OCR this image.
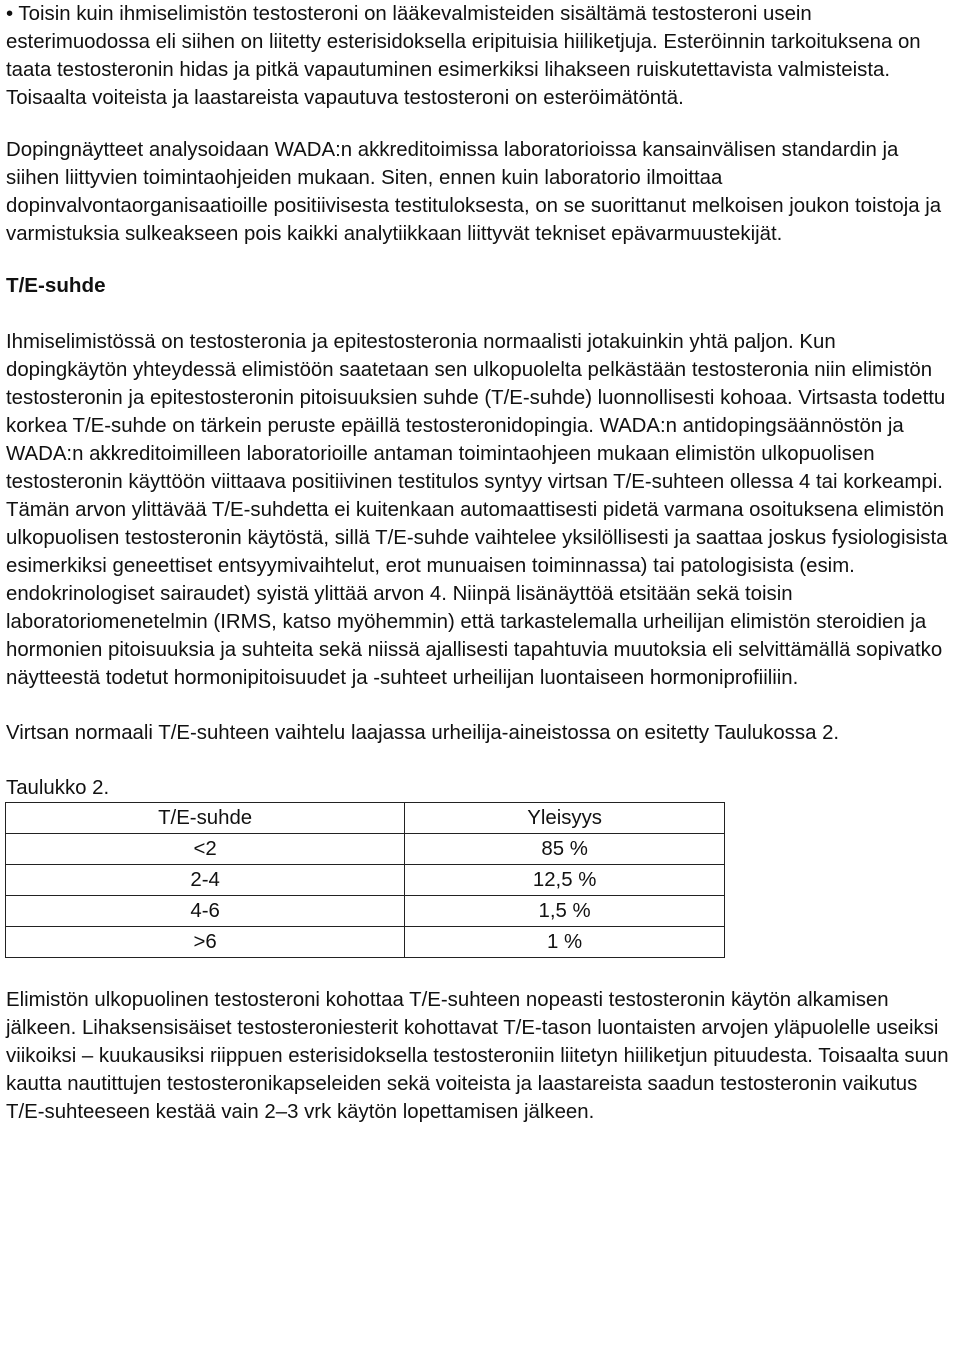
• Toisin kuin ihmiselimistön testosteroni on lääkevalmisteiden sisältämä testosteroni usein esterimuodossa eli siihen on liitetty esterisidoksella eripituisia hiiliketjuja. Esteröinnin tarkoituksena on taata testosteronin hidas ja pitkä vapautuminen esimerkiksi lihakseen ruiskutettavista valmisteista. Toisaalta voiteista ja laastareista vapautuva testosteroni on esteröimätöntä.

Dopingnäytteet analysoidaan WADA:n akkreditoimissa laboratorioissa kansainvälisen standardin ja siihen liittyvien toimintaohjeiden mukaan. Siten, ennen kuin laboratorio ilmoittaa dopinvalvontaorganisaatioille positiivisesta testituloksesta, on se suorittanut melkoisen joukon toistoja ja varmistuksia sulkeakseen pois kaikki analytiikkaan liittyvät tekniset epävarmuustekijät.

T/E-suhde

Ihmiselimistössä on testosteronia ja epitestosteronia normaalisti jotakuinkin yhtä paljon. Kun dopingkäytön yhteydessä elimistöön saatetaan sen ulkopuolelta pelkästään testosteronia niin elimistön testosteronin ja epitestosteronin pitoisuuksien suhde (T/E-suhde) luonnollisesti kohoaa. Virtsasta todettu korkea T/E-suhde on tärkein peruste epäillä testosteronidopingia. WADA:n antidopingsäännöstön ja WADA:n akkreditoimilleen laboratorioille antaman toimintaohjeen mukaan elimistön ulkopuolisen testosteronin käyttöön viittaava positiivinen testitulos syntyy virtsan T/E-suhteen ollessa 4 tai korkeampi. Tämän arvon ylittävää T/E-suhdetta ei kuitenkaan automaattisesti pidetä varmana osoituksena elimistön ulkopuolisen testosteronin käytöstä, sillä T/E-suhde vaihtelee yksilöllisesti ja saattaa joskus fysiologisista esimerkiksi geneettiset entsyymivaihtelut, erot munuaisen toiminnassa) tai patologisista (esim. endokrinologiset sairaudet) syistä ylittää arvon 4. Niinpä lisänäyttöä etsitään sekä toisin laboratoriomenetelmin (IRMS, katso myöhemmin) että tarkastelemalla urheilijan elimistön steroidien ja hormonien pitoisuuksia ja suhteita sekä niissä ajallisesti tapahtuvia muutoksia eli selvittämällä sopivatko näytteestä todetut hormonipitoisuudet ja -suhteet urheilijan luontaiseen hormoniprofiiliin.

Virtsan normaali T/E-suhteen vaihtelu laajassa urheilija-aineistossa on esitetty Taulukossa 2.

Taulukko 2.

T/E-suhde	Yleisyys
<2	85 %
2-4	12,5 %
4-6	1,5 %
>6	1 %

Elimistön ulkopuolinen testosteroni kohottaa T/E-suhteen nopeasti testosteronin käytön alkamisen jälkeen. Lihaksensisäiset testosteroniesterit kohottavat T/E-tason luontaisten arvojen yläpuolelle useiksi viikoiksi – kuukausiksi riippuen esterisidoksella testosteroniin liitetyn hiiliketjun pituudesta. Toisaalta suun kautta nautittujen testosteronikapseleiden sekä voiteista ja laastareista saadun testosteronin vaikutus T/E-suhteeseen kestää vain 2–3 vrk käytön lopettamisen jälkeen.
